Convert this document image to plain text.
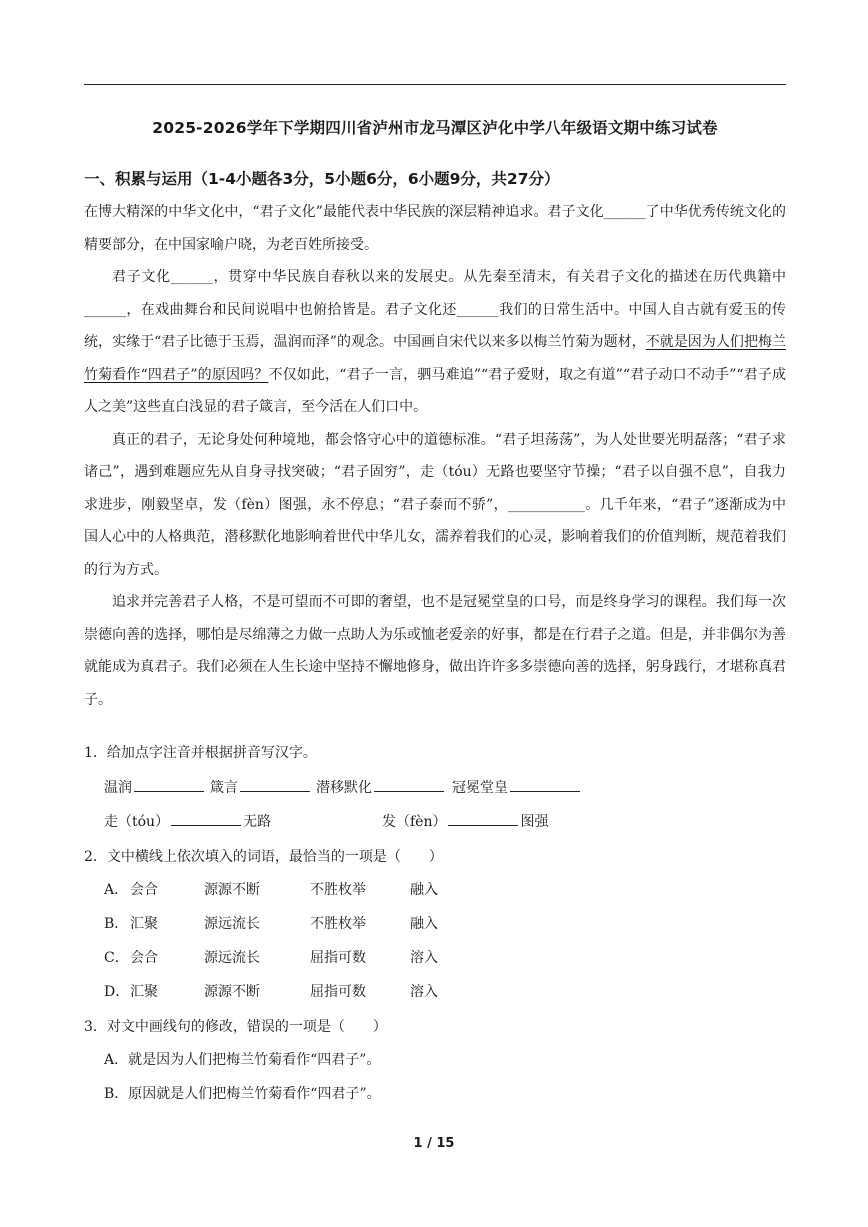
2025-2026学年下学期四川省泸州市龙马潭区泸化中学八年级语文期中练习试卷
一、积累与运用（1-4小题各3分，5小题6分，6小题9分，共27分）

在博大精深的中华文化中，“君子文化”最能代表中华民族的深层精神追求。君子文化______了中华优秀传统文化的精要部分，在中国家喻户晓，为老百姓所接受。

君子文化______，贯穿中华民族自春秋以来的发展史。从先秦至清末，有关君子文化的描述在历代典籍中______，在戏曲舞台和民间说唱中也俯拾皆是。君子文化还______我们的日常生活中。中国人自古就有爱玉的传统，实缘于“君子比德于玉焉，温润而泽”的观念。中国画自宋代以来多以梅兰竹菊为题材，不就是因为人们把梅兰竹菊看作“四君子”的原因吗？不仅如此，“君子一言，驷马难追”“君子爱财，取之有道”“君子动口不动手”“君子成人之美”这些直白浅显的君子箴言，至今活在人们口中。

真正的君子，无论身处何种境地，都会恪守心中的道德标准。“君子坦荡荡”，为人处世要光明磊落；“君子求诸己”，遇到难题应先从自身寻找突破；“君子固穷”，走（tóu）无路也要坚守节操；“君子以自强不息”，自我力求进步，刚毅坚卓，发（fèn）图强，永不停息；“君子泰而不骄”，___________。几千年来，“君子”逐渐成为中国人心中的人格典范，潜移默化地影响着世代中华儿女，濡养着我们的心灵，影响着我们的价值判断，规范着我们的行为方式。

追求并完善君子人格，不是可望而不可即的奢望，也不是冠冕堂皇的口号，而是终身学习的课程。我们每一次崇德向善的选择，哪怕是尽绵薄之力做一点助人为乐或恤老爱亲的好事，都是在行君子之道。但是，并非偶尔为善就能成为真君子。我们必须在人生长途中坚持不懈地修身，做出许许多多崇德向善的选择，躬身践行，才堪称真君子。

1．给加点字注音并根据拼音写汉字。
温润	箴言	潜移默化	冠冕堂皇
走（tóu）	无路	发（fèn）	图强
2．文中横线上依次填入的词语，最恰当的一项是（　　）
A． 会合	源源不断	不胜枚举	融入
B． 汇聚	源远流长	不胜枚举	融入
C． 会合	源远流长	屈指可数	溶入
D． 汇聚	源源不断	屈指可数	溶入
3．对文中画线句的修改，错误的一项是（　　）
A．就是因为人们把梅兰竹菊看作“四君子”。
B．原因就是人们把梅兰竹菊看作“四君子”。
1 / 15
